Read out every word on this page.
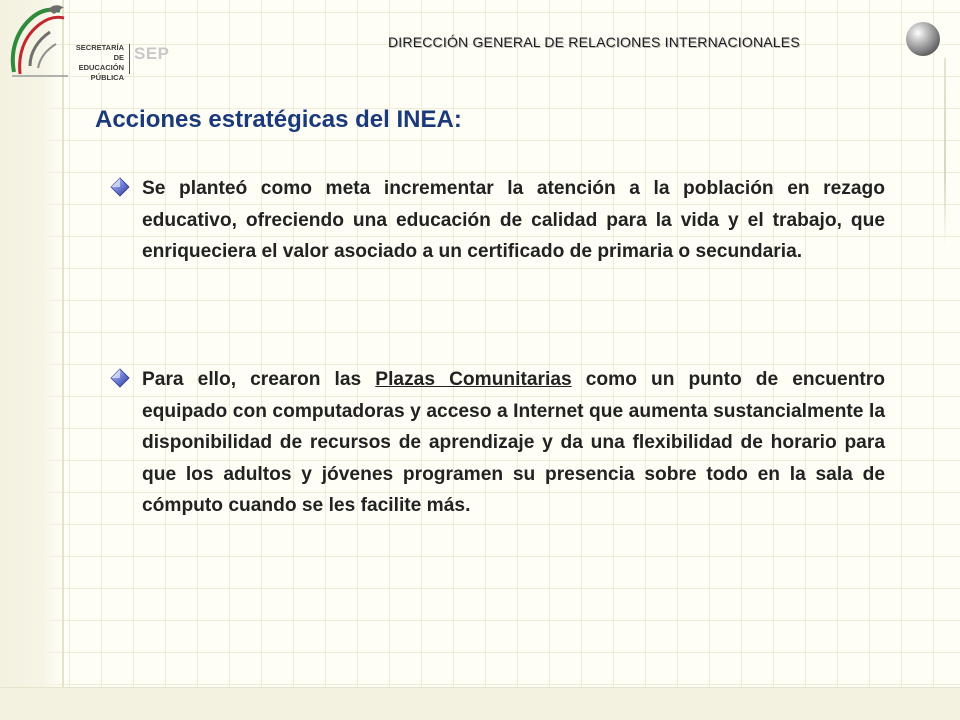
SECRETARÍA DE
EDUCACIÓN
PÚBLICA
SEP
DIRECCIÓN GENERAL DE RELACIONES INTERNACIONALES
Acciones estratégicas del INEA:
Se planteó como meta incrementar la atención a la población en rezago educativo, ofreciendo una educación de calidad para la vida y el trabajo, que enriqueciera el valor asociado a un certificado de primaria o secundaria.
Para ello, crearon las Plazas Comunitarias como un punto de encuentro equipado con computadoras y acceso a Internet que aumenta sustancialmente la disponibilidad de recursos de aprendizaje y da una flexibilidad de horario para que los adultos y jóvenes programen su presencia sobre todo en la sala de cómputo cuando se les facilite más.
